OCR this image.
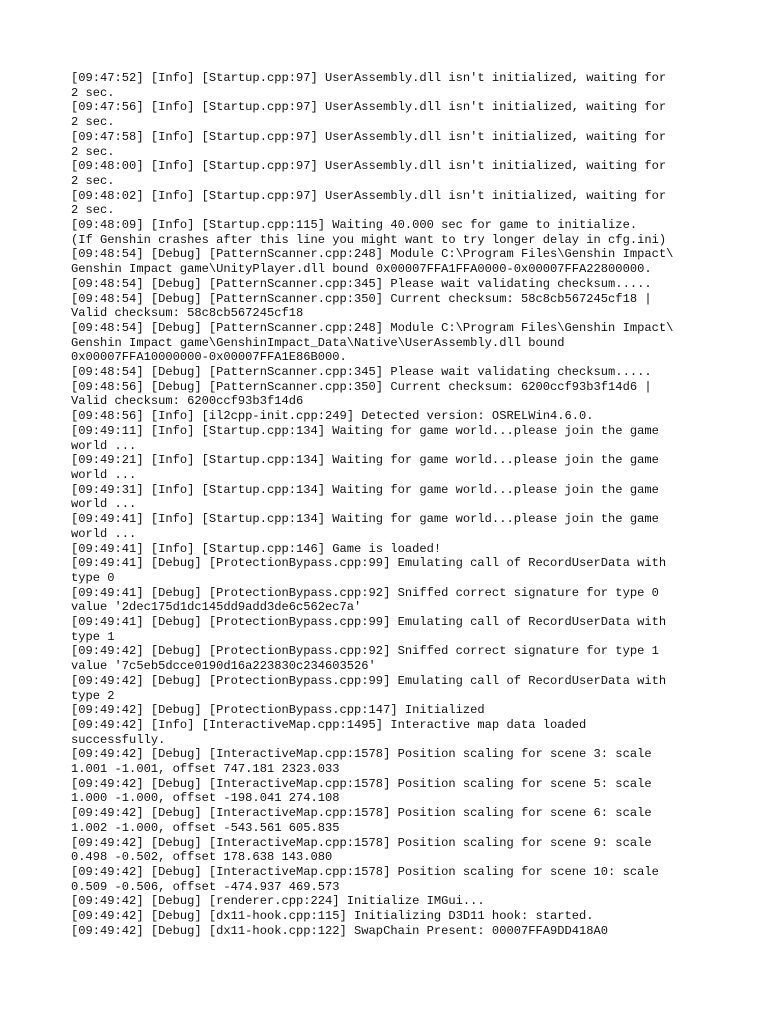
[09:47:52] [Info] [Startup.cpp:97] UserAssembly.dll isn't initialized, waiting for
2 sec.
[09:47:56] [Info] [Startup.cpp:97] UserAssembly.dll isn't initialized, waiting for
2 sec.
[09:47:58] [Info] [Startup.cpp:97] UserAssembly.dll isn't initialized, waiting for
2 sec.
[09:48:00] [Info] [Startup.cpp:97] UserAssembly.dll isn't initialized, waiting for
2 sec.
[09:48:02] [Info] [Startup.cpp:97] UserAssembly.dll isn't initialized, waiting for
2 sec.
[09:48:09] [Info] [Startup.cpp:115] Waiting 40.000 sec for game to initialize.
(If Genshin crashes after this line you might want to try longer delay in cfg.ini)
[09:48:54] [Debug] [PatternScanner.cpp:248] Module C:\Program Files\Genshin Impact\
Genshin Impact game\UnityPlayer.dll bound 0x00007FFA1FFA0000-0x00007FFA22800000.
[09:48:54] [Debug] [PatternScanner.cpp:345] Please wait validating checksum.....
[09:48:54] [Debug] [PatternScanner.cpp:350] Current checksum: 58c8cb567245cf18 |
Valid checksum: 58c8cb567245cf18
[09:48:54] [Debug] [PatternScanner.cpp:248] Module C:\Program Files\Genshin Impact\
Genshin Impact game\GenshinImpact_Data\Native\UserAssembly.dll bound
0x00007FFA10000000-0x00007FFA1E86B000.
[09:48:54] [Debug] [PatternScanner.cpp:345] Please wait validating checksum.....
[09:48:56] [Debug] [PatternScanner.cpp:350] Current checksum: 6200ccf93b3f14d6 |
Valid checksum: 6200ccf93b3f14d6
[09:48:56] [Info] [il2cpp-init.cpp:249] Detected version: OSRELWin4.6.0.
[09:49:11] [Info] [Startup.cpp:134] Waiting for game world...please join the game
world ...
[09:49:21] [Info] [Startup.cpp:134] Waiting for game world...please join the game
world ...
[09:49:31] [Info] [Startup.cpp:134] Waiting for game world...please join the game
world ...
[09:49:41] [Info] [Startup.cpp:134] Waiting for game world...please join the game
world ...
[09:49:41] [Info] [Startup.cpp:146] Game is loaded!
[09:49:41] [Debug] [ProtectionBypass.cpp:99] Emulating call of RecordUserData with
type 0
[09:49:41] [Debug] [ProtectionBypass.cpp:92] Sniffed correct signature for type 0
value '2dec175d1dc145dd9add3de6c562ec7a'
[09:49:41] [Debug] [ProtectionBypass.cpp:99] Emulating call of RecordUserData with
type 1
[09:49:42] [Debug] [ProtectionBypass.cpp:92] Sniffed correct signature for type 1
value '7c5eb5dcce0190d16a223830c234603526'
[09:49:42] [Debug] [ProtectionBypass.cpp:99] Emulating call of RecordUserData with
type 2
[09:49:42] [Debug] [ProtectionBypass.cpp:147] Initialized
[09:49:42] [Info] [InteractiveMap.cpp:1495] Interactive map data loaded
successfully.
[09:49:42] [Debug] [InteractiveMap.cpp:1578] Position scaling for scene 3: scale
1.001 -1.001, offset 747.181 2323.033
[09:49:42] [Debug] [InteractiveMap.cpp:1578] Position scaling for scene 5: scale
1.000 -1.000, offset -198.041 274.108
[09:49:42] [Debug] [InteractiveMap.cpp:1578] Position scaling for scene 6: scale
1.002 -1.000, offset -543.561 605.835
[09:49:42] [Debug] [InteractiveMap.cpp:1578] Position scaling for scene 9: scale
0.498 -0.502, offset 178.638 143.080
[09:49:42] [Debug] [InteractiveMap.cpp:1578] Position scaling for scene 10: scale
0.509 -0.506, offset -474.937 469.573
[09:49:42] [Debug] [renderer.cpp:224] Initialize IMGui...
[09:49:42] [Debug] [dx11-hook.cpp:115] Initializing D3D11 hook: started.
[09:49:42] [Debug] [dx11-hook.cpp:122] SwapChain Present: 00007FFA9DD418A0
